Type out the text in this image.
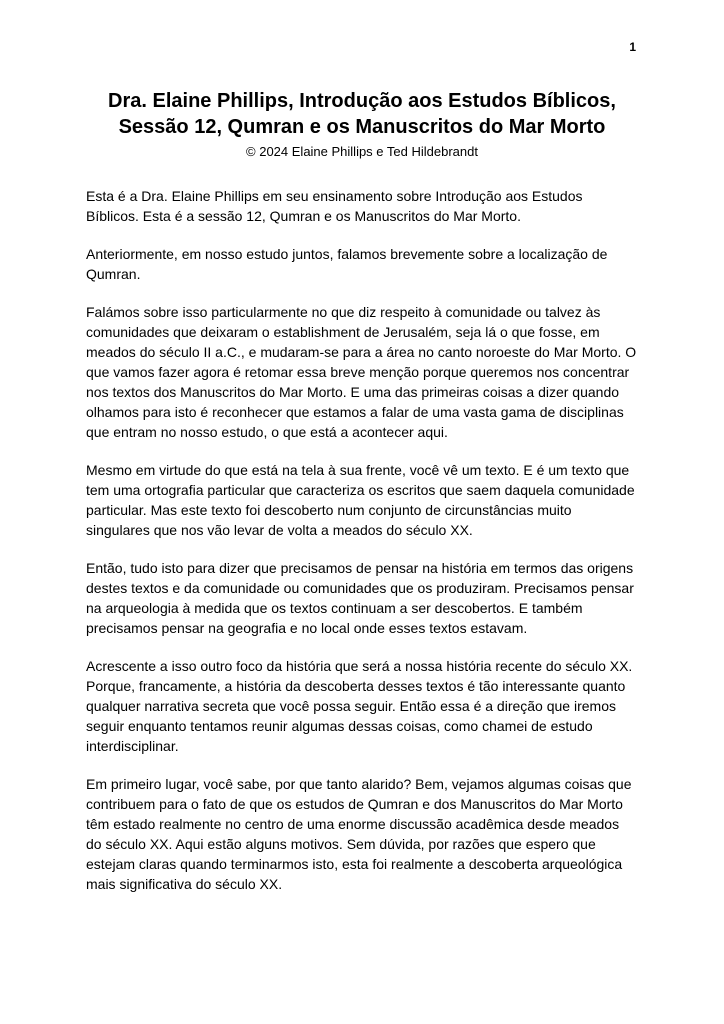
1
Dra. Elaine Phillips, Introdução aos Estudos Bíblicos,
Sessão 12, Qumran e os Manuscritos do Mar Morto
© 2024 Elaine Phillips e Ted Hildebrandt

Esta é a Dra. Elaine Phillips em seu ensinamento sobre Introdução aos Estudos Bíblicos. Esta é a sessão 12, Qumran e os Manuscritos do Mar Morto.

Anteriormente, em nosso estudo juntos, falamos brevemente sobre a localização de Qumran.

Falámos sobre isso particularmente no que diz respeito à comunidade ou talvez às comunidades que deixaram o establishment de Jerusalém, seja lá o que fosse, em meados do século II a.C., e mudaram-se para a área no canto noroeste do Mar Morto. O que vamos fazer agora é retomar essa breve menção porque queremos nos concentrar nos textos dos Manuscritos do Mar Morto. E uma das primeiras coisas a dizer quando olhamos para isto é reconhecer que estamos a falar de uma vasta gama de disciplinas que entram no nosso estudo, o que está a acontecer aqui.

Mesmo em virtude do que está na tela à sua frente, você vê um texto. E é um texto que tem uma ortografia particular que caracteriza os escritos que saem daquela comunidade particular. Mas este texto foi descoberto num conjunto de circunstâncias muito singulares que nos vão levar de volta a meados do século XX.

Então, tudo isto para dizer que precisamos de pensar na história em termos das origens destes textos e da comunidade ou comunidades que os produziram. Precisamos pensar na arqueologia à medida que os textos continuam a ser descobertos. E também precisamos pensar na geografia e no local onde esses textos estavam.

Acrescente a isso outro foco da história que será a nossa história recente do século XX. Porque, francamente, a história da descoberta desses textos é tão interessante quanto qualquer narrativa secreta que você possa seguir. Então essa é a direção que iremos seguir enquanto tentamos reunir algumas dessas coisas, como chamei de estudo interdisciplinar.

Em primeiro lugar, você sabe, por que tanto alarido? Bem, vejamos algumas coisas que contribuem para o fato de que os estudos de Qumran e dos Manuscritos do Mar Morto têm estado realmente no centro de uma enorme discussão acadêmica desde meados do século XX. Aqui estão alguns motivos. Sem dúvida, por razões que espero que estejam claras quando terminarmos isto, esta foi realmente a descoberta arqueológica mais significativa do século XX.
